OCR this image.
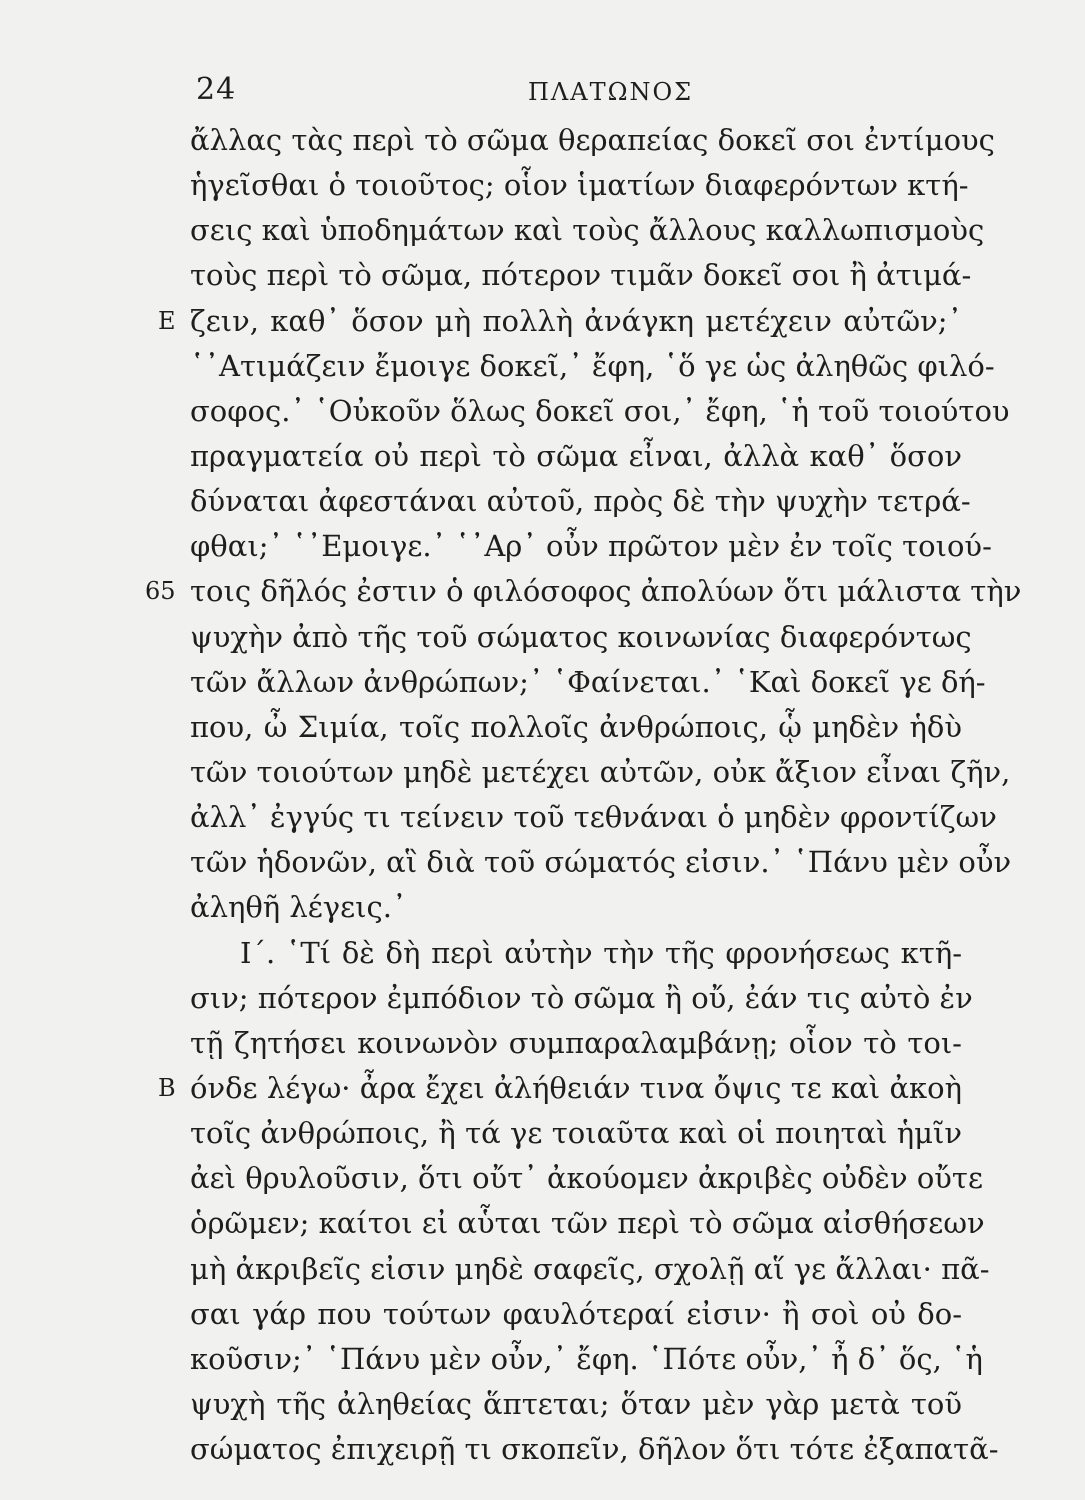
24	ΠΛΑΤΩΝΟΣ
ἄλλας τὰς περὶ τὸ σῶμα θεραπείας δοκεῖ σοι ἐντίμους
ἡγεῖσθαι ὁ τοιοῦτος; οἷον ἱματίων διαφερόντων κτή-
σεις καὶ ὑποδημάτων καὶ τοὺς ἄλλους καλλωπισμοὺς
τοὺς περὶ τὸ σῶμα, πότερον τιμᾶν δοκεῖ σοι ἢ ἀτιμά-
E ζειν, καθ᾽ ὅσον μὴ πολλὴ ἀνάγκη μετέχειν αὐτῶν;᾽
῾᾽Ατιμάζειν ἔμοιγε δοκεῖ,᾽ ἔφη, ῾ὅ γε ὡς ἀληθῶς φιλό-
σοφος.᾽ ῾Οὐκοῦν ὅλως δοκεῖ σοι,᾽ ἔφη, ῾ἡ τοῦ τοιούτου
πραγματεία οὐ περὶ τὸ σῶμα εἶναι, ἀλλὰ καθ᾽ ὅσον
δύναται ἀφεστάναι αὐτοῦ, πρὸς δὲ τὴν ψυχὴν τετρά-
φθαι;᾽ ῾᾽Εμοιγε.᾽ ῾᾽Αρ᾽ οὖν πρῶτον μὲν ἐν τοῖς τοιού-
65 τοις δῆλός ἐστιν ὁ φιλόσοφος ἀπολύων ὅτι μάλιστα τὴν
ψυχὴν ἀπὸ τῆς τοῦ σώματος κοινωνίας διαφερόντως
τῶν ἄλλων ἀνθρώπων;᾽ ῾Φαίνεται.᾽ ῾Καὶ δοκεῖ γε δή-
που, ὦ Σιμία, τοῖς πολλοῖς ἀνθρώποις, ᾧ μηδὲν ἡδὺ
τῶν τοιούτων μηδὲ μετέχει αὐτῶν, οὐκ ἄξιον εἶναι ζῆν,
ἀλλ᾽ ἐγγύς τι τείνειν τοῦ τεθνάναι ὁ μηδὲν φροντίζων
τῶν ἡδονῶν, αἳ διὰ τοῦ σώματός εἰσιν.᾽ ῾Πάνυ μὲν οὖν
ἀληθῆ λέγεις.᾽
Ι΄. ῾Τί δὲ δὴ περὶ αὐτὴν τὴν τῆς φρονήσεως κτῆ-
σιν; πότερον ἐμπόδιον τὸ σῶμα ἢ οὔ, ἐάν τις αὐτὸ ἐν
τῇ ζητήσει κοινωνὸν συμπαραλαμβάνῃ; οἷον τὸ τοι-
B όνδε λέγω· ἆρα ἔχει ἀλήθειάν τινα ὄψις τε καὶ ἀκοὴ
τοῖς ἀνθρώποις, ἢ τά γε τοιαῦτα καὶ οἱ ποιηταὶ ἡμῖν
ἀεὶ θρυλοῦσιν, ὅτι οὔτ᾽ ἀκούομεν ἀκριβὲς οὐδὲν οὔτε
ὁρῶμεν; καίτοι εἰ αὗται τῶν περὶ τὸ σῶμα αἰσθήσεων
μὴ ἀκριβεῖς εἰσιν μηδὲ σαφεῖς, σχολῇ αἵ γε ἄλλαι· πᾶ-
σαι γάρ που τούτων φαυλότεραί εἰσιν· ἢ σοὶ οὐ δο-
κοῦσιν;᾽ ῾Πάνυ μὲν οὖν,᾽ ἔφη. ῾Πότε οὖν,᾽ ἦ δ᾽ ὅς, ῾ἡ
ψυχὴ τῆς ἀληθείας ἅπτεται; ὅταν μὲν γὰρ μετὰ τοῦ
σώματος ἐπιχειρῇ τι σκοπεῖν, δῆλον ὅτι τότε ἐξαπατᾶ-
